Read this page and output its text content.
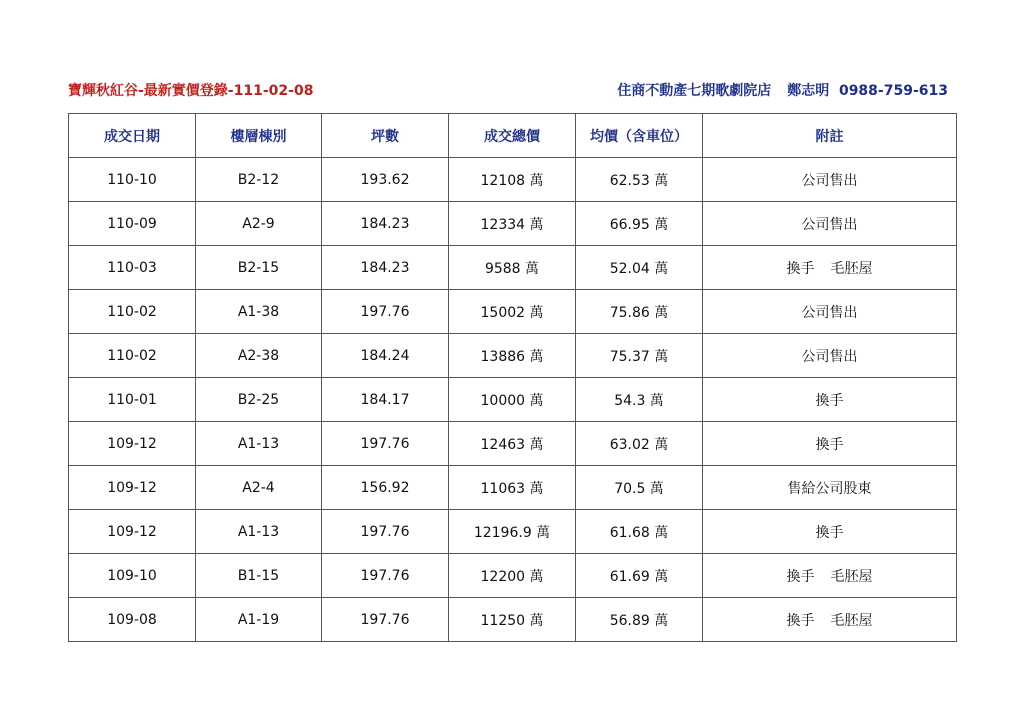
寶輝秋紅谷-最新實價登錄-111-02-08	住商不動產七期歌劇院店 鄭志明 0988-759-613
成交日期	樓層棟別	坪數	成交總價	均價（含車位）	附註
110-10	B2-12	193.62	12108 萬	62.53 萬	公司售出
110-09	A2-9	184.23	12334 萬	66.95 萬	公司售出
110-03	B2-15	184.23	9588 萬	52.04 萬	換手 毛胚屋
110-02	A1-38	197.76	15002 萬	75.86 萬	公司售出
110-02	A2-38	184.24	13886 萬	75.37 萬	公司售出
110-01	B2-25	184.17	10000 萬	54.3 萬	換手
109-12	A1-13	197.76	12463 萬	63.02 萬	換手
109-12	A2-4	156.92	11063 萬	70.5 萬	售給公司股東
109-12	A1-13	197.76	12196.9 萬	61.68 萬	換手
109-10	B1-15	197.76	12200 萬	61.69 萬	換手 毛胚屋
109-08	A1-19	197.76	11250 萬	56.89 萬	換手 毛胚屋
